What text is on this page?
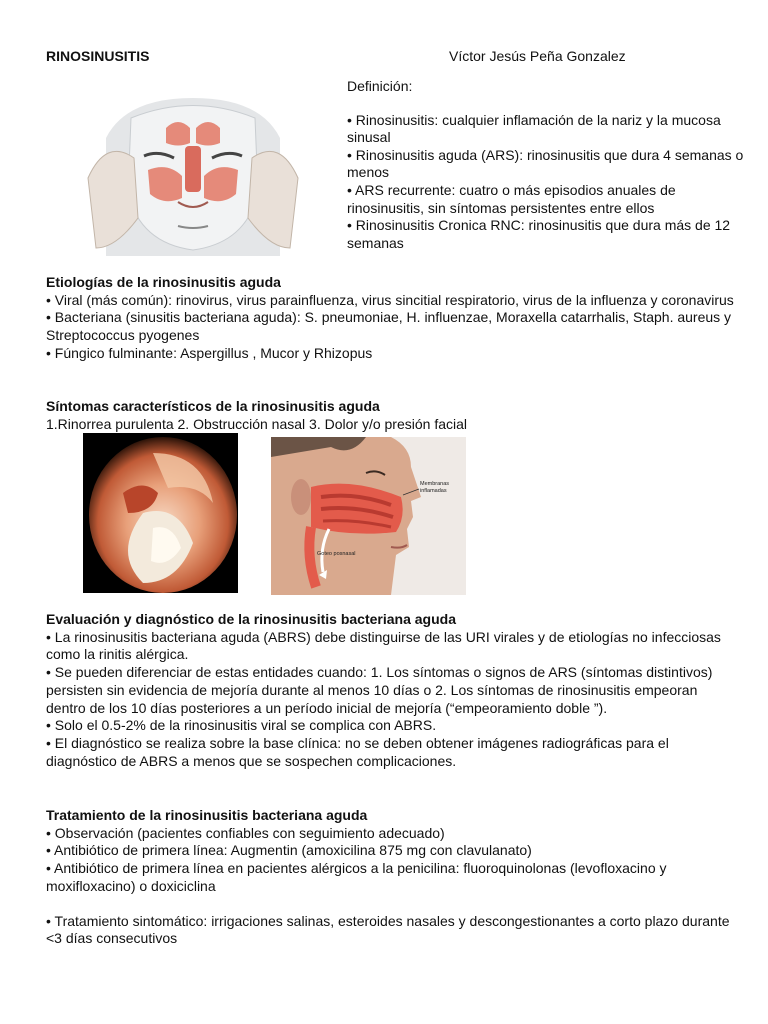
RINOSINUSITIS	Víctor Jesús Peña Gonzalez

Definición:

• Rinosinusitis: cualquier inflamación de la nariz y la mucosa sinusal

• Rinosinusitis aguda (ARS): rinosinusitis que dura 4 semanas o menos

• ARS recurrente: cuatro o más episodios anuales de rinosinusitis, sin síntomas persistentes entre ellos

• Rinosinusitis Cronica RNC: rinosinusitis que dura más de 12 semanas

Etiologías de la rinosinusitis aguda

• Viral (más común): rinovirus, virus parainfluenza, virus sincitial respiratorio, virus de la influenza y coronavirus

• Bacteriana (sinusitis bacteriana aguda): S. pneumoniae, H. influenzae, Moraxella catarrhalis, Staph. aureus y Streptococcus pyogenes

• Fúngico fulminante: Aspergillus , Mucor y Rhizopus

Síntomas característicos de la rinosinusitis aguda

1.Rinorrea purulenta 2. Obstrucción nasal 3. Dolor y/o presión facial

Membranas
inflamadas
Goteo posnasal

Evaluación y diagnóstico de la rinosinusitis bacteriana aguda

• La rinosinusitis bacteriana aguda (ABRS) debe distinguirse de las URI virales y de etiologías no infecciosas como la rinitis alérgica.

• Se pueden diferenciar de estas entidades cuando: 1. Los síntomas o signos de ARS (síntomas distintivos) persisten sin evidencia de mejoría durante al menos 10 días o 2. Los síntomas de rinosinusitis empeoran dentro de los 10 días posteriores a un período inicial de mejoría (“empeoramiento doble ”).

• Solo el 0.5-2% de la rinosinusitis viral se complica con ABRS.

• El diagnóstico se realiza sobre la base clínica: no se deben obtener imágenes radiográficas para el diagnóstico de ABRS a menos que se sospechen complicaciones.

Tratamiento de la rinosinusitis bacteriana aguda

• Observación (pacientes confiables con seguimiento adecuado)

• Antibiótico de primera línea: Augmentin (amoxicilina 875 mg con clavulanato)

• Antibiótico de primera línea en pacientes alérgicos a la penicilina: fluoroquinolonas (levofloxacino y moxifloxacino) o doxiciclina

• Tratamiento sintomático: irrigaciones salinas, esteroides nasales y descongestionantes a corto plazo durante <3 días consecutivos
